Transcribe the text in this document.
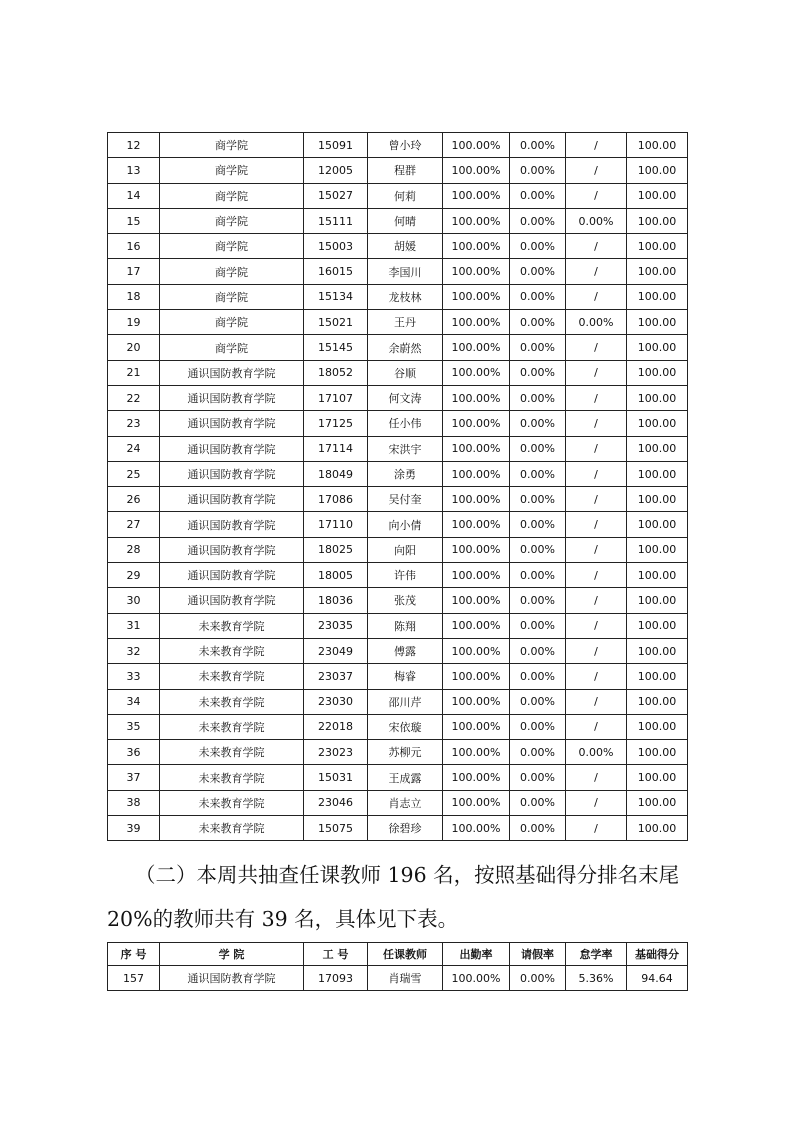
12	商学院	15091	曾小玲	100.00%	0.00%	/	100.00
13	商学院	12005	程群	100.00%	0.00%	/	100.00
14	商学院	15027	何莉	100.00%	0.00%	/	100.00
15	商学院	15111	何晴	100.00%	0.00%	0.00%	100.00
16	商学院	15003	胡媛	100.00%	0.00%	/	100.00
17	商学院	16015	李国川	100.00%	0.00%	/	100.00
18	商学院	15134	龙枝林	100.00%	0.00%	/	100.00
19	商学院	15021	王丹	100.00%	0.00%	0.00%	100.00
20	商学院	15145	余蔚然	100.00%	0.00%	/	100.00
21	通识国防教育学院	18052	谷顺	100.00%	0.00%	/	100.00
22	通识国防教育学院	17107	何文涛	100.00%	0.00%	/	100.00
23	通识国防教育学院	17125	任小伟	100.00%	0.00%	/	100.00
24	通识国防教育学院	17114	宋洪宇	100.00%	0.00%	/	100.00
25	通识国防教育学院	18049	涂勇	100.00%	0.00%	/	100.00
26	通识国防教育学院	17086	吴付奎	100.00%	0.00%	/	100.00
27	通识国防教育学院	17110	向小倩	100.00%	0.00%	/	100.00
28	通识国防教育学院	18025	向阳	100.00%	0.00%	/	100.00
29	通识国防教育学院	18005	许伟	100.00%	0.00%	/	100.00
30	通识国防教育学院	18036	张茂	100.00%	0.00%	/	100.00
31	未来教育学院	23035	陈翔	100.00%	0.00%	/	100.00
32	未来教育学院	23049	傅露	100.00%	0.00%	/	100.00
33	未来教育学院	23037	梅睿	100.00%	0.00%	/	100.00
34	未来教育学院	23030	邵川芹	100.00%	0.00%	/	100.00
35	未来教育学院	22018	宋依璇	100.00%	0.00%	/	100.00
36	未来教育学院	23023	苏柳元	100.00%	0.00%	0.00%	100.00
37	未来教育学院	15031	王成露	100.00%	0.00%	/	100.00
38	未来教育学院	23046	肖志立	100.00%	0.00%	/	100.00
39	未来教育学院	15075	徐碧珍	100.00%	0.00%	/	100.00

（二）本周共抽查任课教师 196 名，按照基础得分排名末尾

20%的教师共有 39 名，具体见下表。

序 号	学 院	工 号	任课教师	出勤率	请假率	怠学率	基础得分
157	通识国防教育学院	17093	肖瑞雪	100.00%	0.00%	5.36%	94.64
